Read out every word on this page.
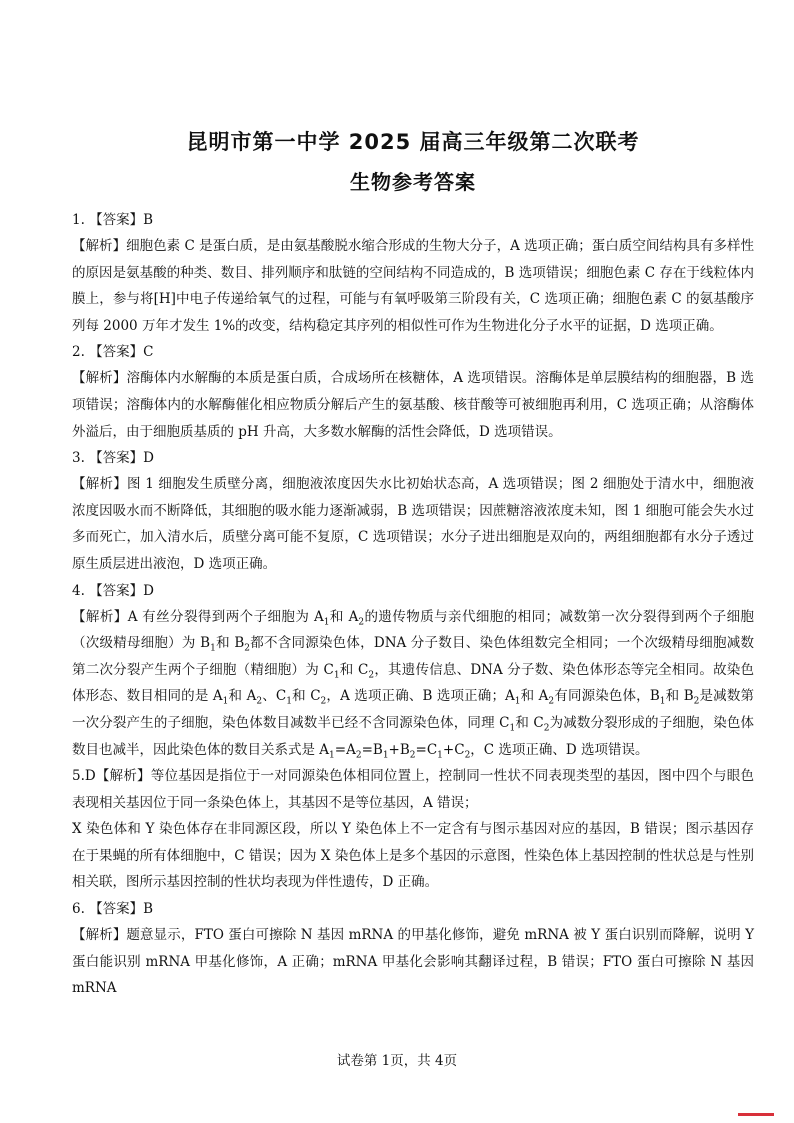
昆明市第一中学 2025 届高三年级第二次联考
生物参考答案

1. 【答案】B

【解析】细胞色素 C 是蛋白质，是由氨基酸脱水缩合形成的生物大分子，A 选项正确；蛋白质空间结构具有多样性的原因是氨基酸的种类、数目、排列顺序和肽链的空间结构不同造成的，B 选项错误；细胞色素 C 存在于线粒体内膜上，参与将[H]中电子传递给氧气的过程，可能与有氧呼吸第三阶段有关，C 选项正确；细胞色素 C 的氨基酸序列每 2000 万年才发生 1%的改变，结构稳定其序列的相似性可作为生物进化分子水平的证据，D 选项正确。

2. 【答案】C

【解析】溶酶体内水解酶的本质是蛋白质，合成场所在核糖体，A 选项错误。溶酶体是单层膜结构的细胞器，B 选项错误；溶酶体内的水解酶催化相应物质分解后产生的氨基酸、核苷酸等可被细胞再利用，C 选项正确；从溶酶体外溢后，由于细胞质基质的 pH 升高，大多数水解酶的活性会降低，D 选项错误。

3. 【答案】D

【解析】图 1 细胞发生质壁分离，细胞液浓度因失水比初始状态高，A 选项错误；图 2 细胞处于清水中，细胞液浓度因吸水而不断降低，其细胞的吸水能力逐渐减弱，B 选项错误；因蔗糖溶液浓度未知，图 1 细胞可能会失水过多而死亡，加入清水后，质壁分离可能不复原，C 选项错误；水分子进出细胞是双向的，两组细胞都有水分子透过原生质层进出液泡，D 选项正确。

4. 【答案】D

【解析】A 有丝分裂得到两个子细胞为 $A_1$和 $A_2$的遗传物质与亲代细胞的相同；减数第一次分裂得到两个子细胞（次级精母细胞）为 $B_1$和 $B_2$都不含同源染色体，DNA 分子数目、染色体组数完全相同；一个次级精母细胞减数第二次分裂产生两个子细胞（精细胞）为 $C_1$和 $C_2$，其遗传信息、DNA 分子数、染色体形态等完全相同。故染色体形态、数目相同的是 $A_1$和 $A_2$、$C_1$和 $C_2$，A 选项正确、B 选项正确；$A_1$和 $A_2$有同源染色体，$B_1$和 $B_2$是减数第一次分裂产生的子细胞，染色体数目减数半已经不含同源染色体，同理 $C_1$和 $C_2$为减数分裂形成的子细胞，染色体数目也减半，因此染色体的数目关系式是 $A_1=A_2=B_1+B_2=C_1+C_2$，C 选项正确、D 选项错误。

5.D【解析】等位基因是指位于一对同源染色体相同位置上，控制同一性状不同表现类型的基因，图中四个与眼色表现相关基因位于同一条染色体上，其基因不是等位基因，A 错误；

X 染色体和 Y 染色体存在非同源区段，所以 Y 染色体上不一定含有与图示基因对应的基因，B 错误；图示基因存在于果蝇的所有体细胞中，C 错误；因为 X 染色体上是多个基因的示意图，性染色体上基因控制的性状总是与性别相关联，图所示基因控制的性状均表现为伴性遗传，D 正确。

6. 【答案】B

【解析】题意显示，FTO 蛋白可擦除 N 基因 mRNA 的甲基化修饰，避免 mRNA 被 Y 蛋白识别而降解，说明 Y 蛋白能识别 mRNA 甲基化修饰，A 正确；mRNA 甲基化会影响其翻译过程，B 错误；FTO 蛋白可擦除 N 基因 mRNA

试卷第 1页，共 4页
